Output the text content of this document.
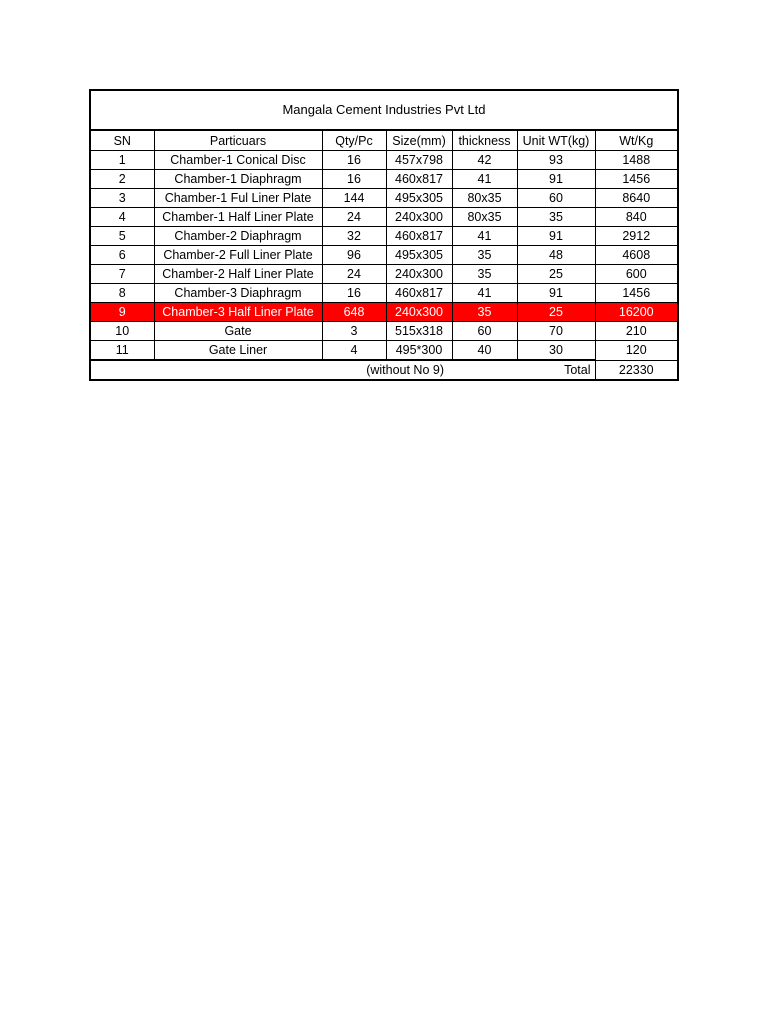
Mangala Cement Industries Pvt Ltd						
SN	Particuars	Qty/Pc	Size(mm)	thickness	Unit WT(kg)	Wt/Kg
1	Chamber-1 Conical Disc	16	457x798	42	93	1488
2	Chamber-1 Diaphragm	16	460x817	41	91	1456
3	Chamber-1 Ful Liner Plate	144	495x305	80x35	60	8640
4	Chamber-1 Half Liner Plate	24	240x300	80x35	35	840
5	Chamber-2 Diaphragm	32	460x817	41	91	2912
6	Chamber-2 Full Liner Plate	96	495x305	35	48	4608
7	Chamber-2 Half Liner Plate	24	240x300	35	25	600
8	Chamber-3 Diaphragm	16	460x817	41	91	1456
9	Chamber-3 Half Liner Plate	648	240x300	35	25	16200
10	Gate	3	515x318	60	70	210
11	Gate Liner	4	495*300	40	30	120
	(without No 9)				Total	22330
